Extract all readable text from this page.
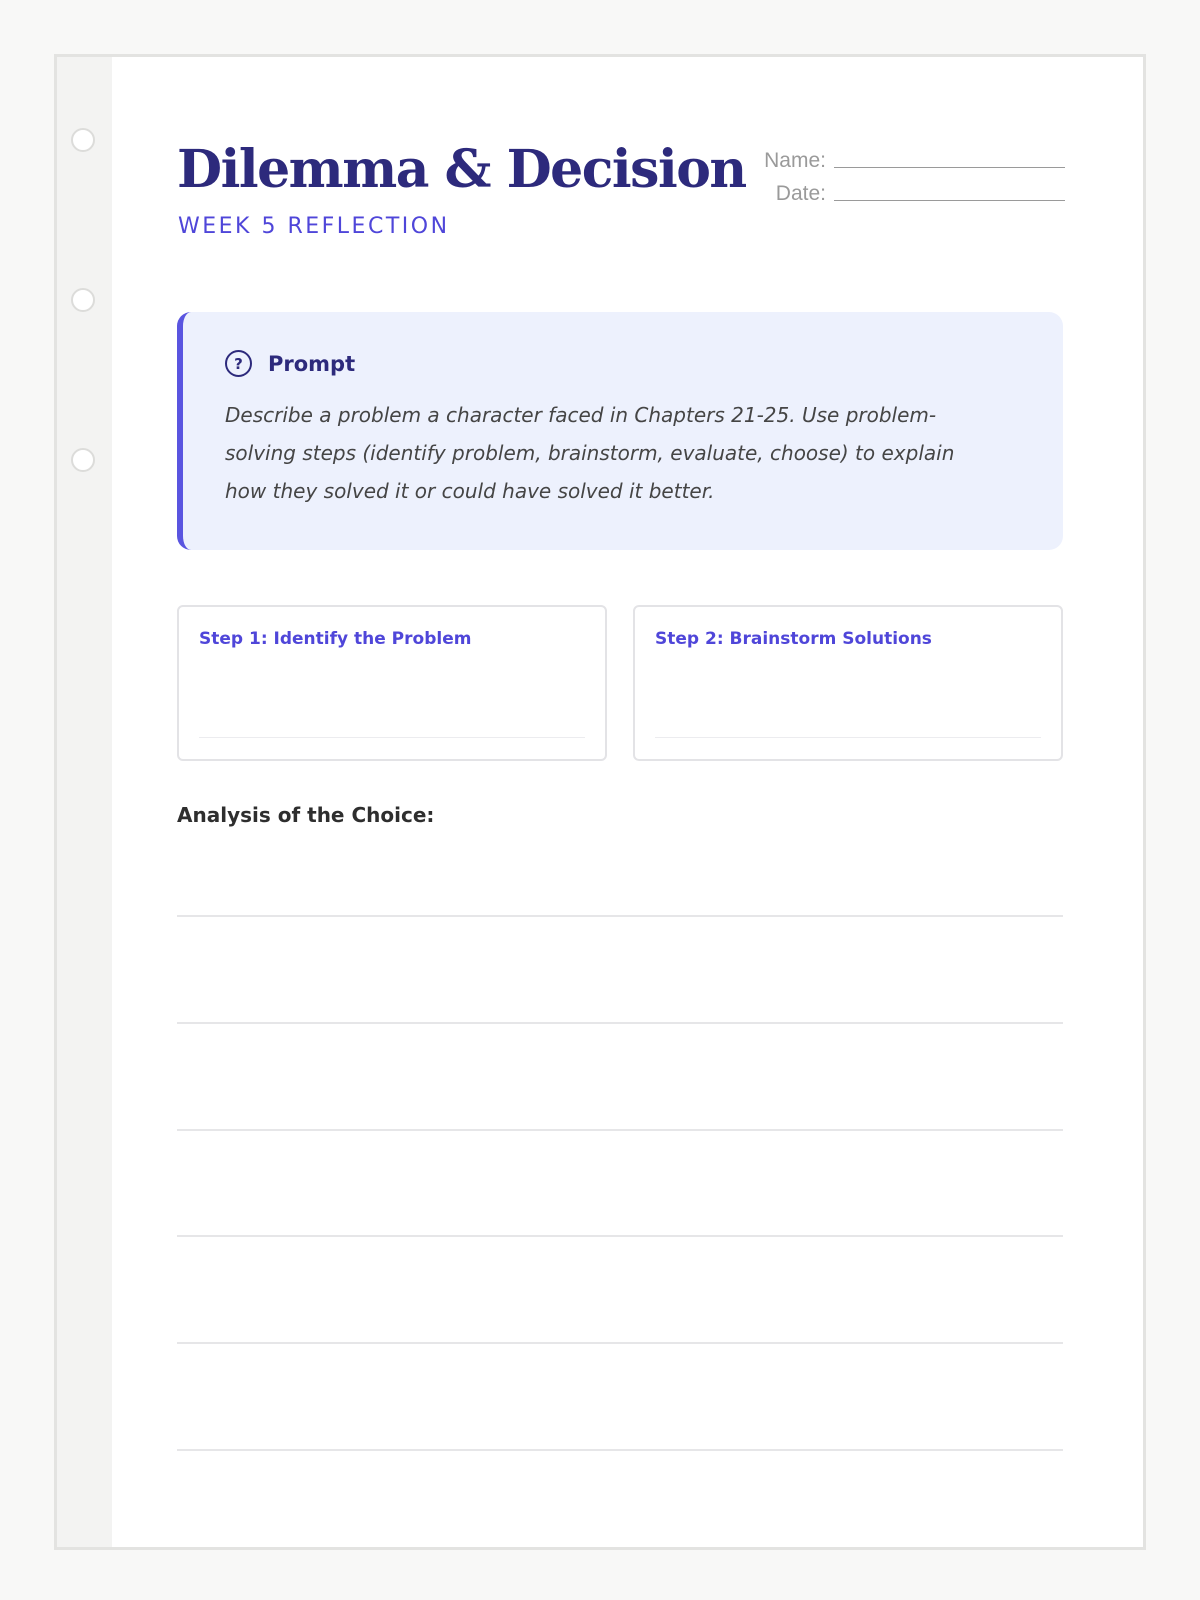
Dilemma & Decision
WEEK 5 REFLECTION
Name:
Date:
?	Prompt

Describe a problem a character faced in Chapters 21-25. Use problem-solving steps (identify problem, brainstorm, evaluate, choose) to explain how they solved it or could have solved it better.

Step 1: Identify the Problem	Step 2: Brainstorm Solutions
Analysis of the Choice:
